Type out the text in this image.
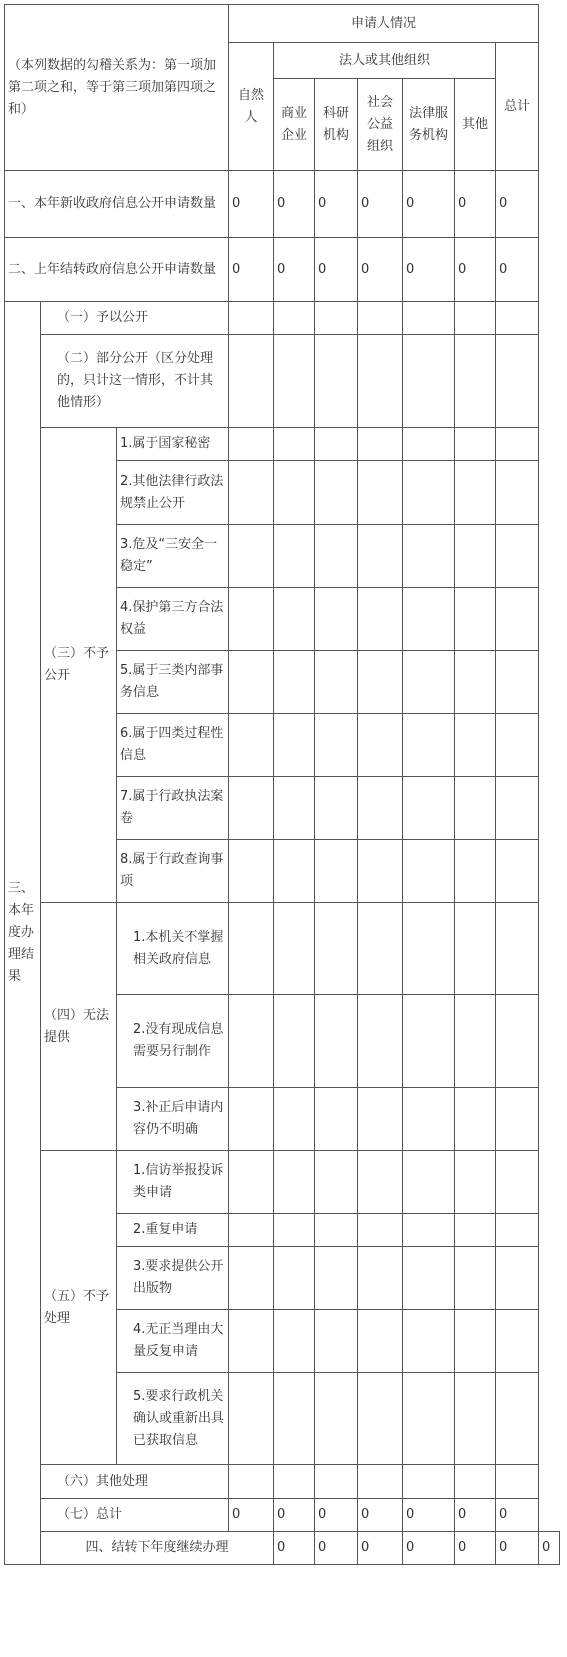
（本列数据的勾稽关系为：第一项加第二项之和，等于第三项加第四项之和）			申请人情况							
			自然人	法人或其他组织					总计	
				商业企业	科研机构	社会公益组织	法律服务机构	其他		
一、本年新收政府信息公开申请数量			0	0	0	0	0	0	0	
二、上年结转政府信息公开申请数量			0	0	0	0	0	0	0	
三、本年度办理结果	（一）予以公开									
	（二）部分公开（区分处理的，只计这一情形，不计其他情形）									
	（三）不予公开	1.属于国家秘密								
		2.其他法律行政法规禁止公开								
		3.危及“三安全一稳定”								
		4.保护第三方合法权益								
		5.属于三类内部事务信息								
		6.属于四类过程性信息								
		7.属于行政执法案卷								
		8.属于行政查询事项								
	（四）无法提供	1.本机关不掌握相关政府信息								
		2.没有现成信息需要另行制作								
		3.补正后申请内容仍不明确								
	（五）不予处理	1.信访举报投诉类申请								
		2.重复申请								
		3.要求提供公开出版物								
		4.无正当理由大量反复申请								
		5.要求行政机关确认或重新出具已获取信息								
	（六）其他处理									
	（七）总计		0	0	0	0	0	0	0	
	四、结转下年度继续办理			0	0	0	0	0	0	0
